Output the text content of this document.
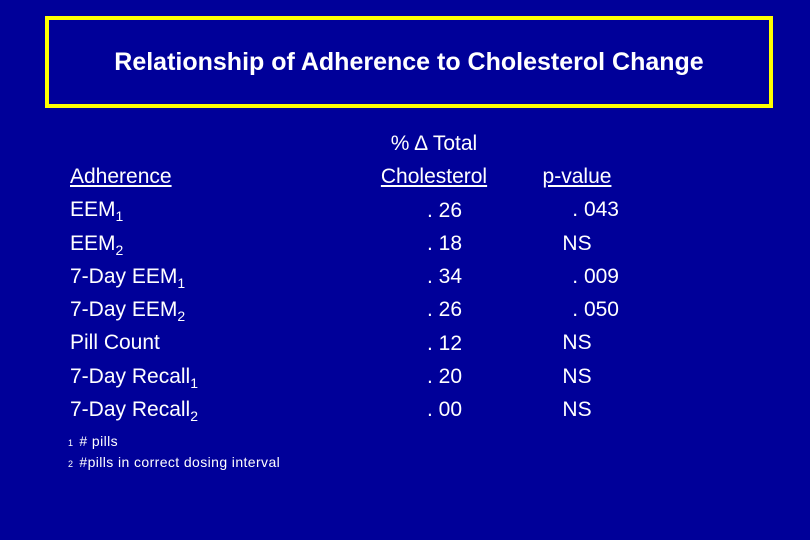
Relationship of Adherence to Cholesterol Change
Adherence
$EEM_1$
$EEM_2$
7-Day $EEM_1$
7-Day $EEM_2$
Pill Count
7-Day Recall$_1$
7-Day Recall$_2$
% Δ Total
Cholesterol
. 26
. 18
. 34
. 26
. 12
. 20
. 00
p-value
. 043
NS
. 009
. 050
NS
NS
NS
1 # pills
2 #pills in correct dosing interval
